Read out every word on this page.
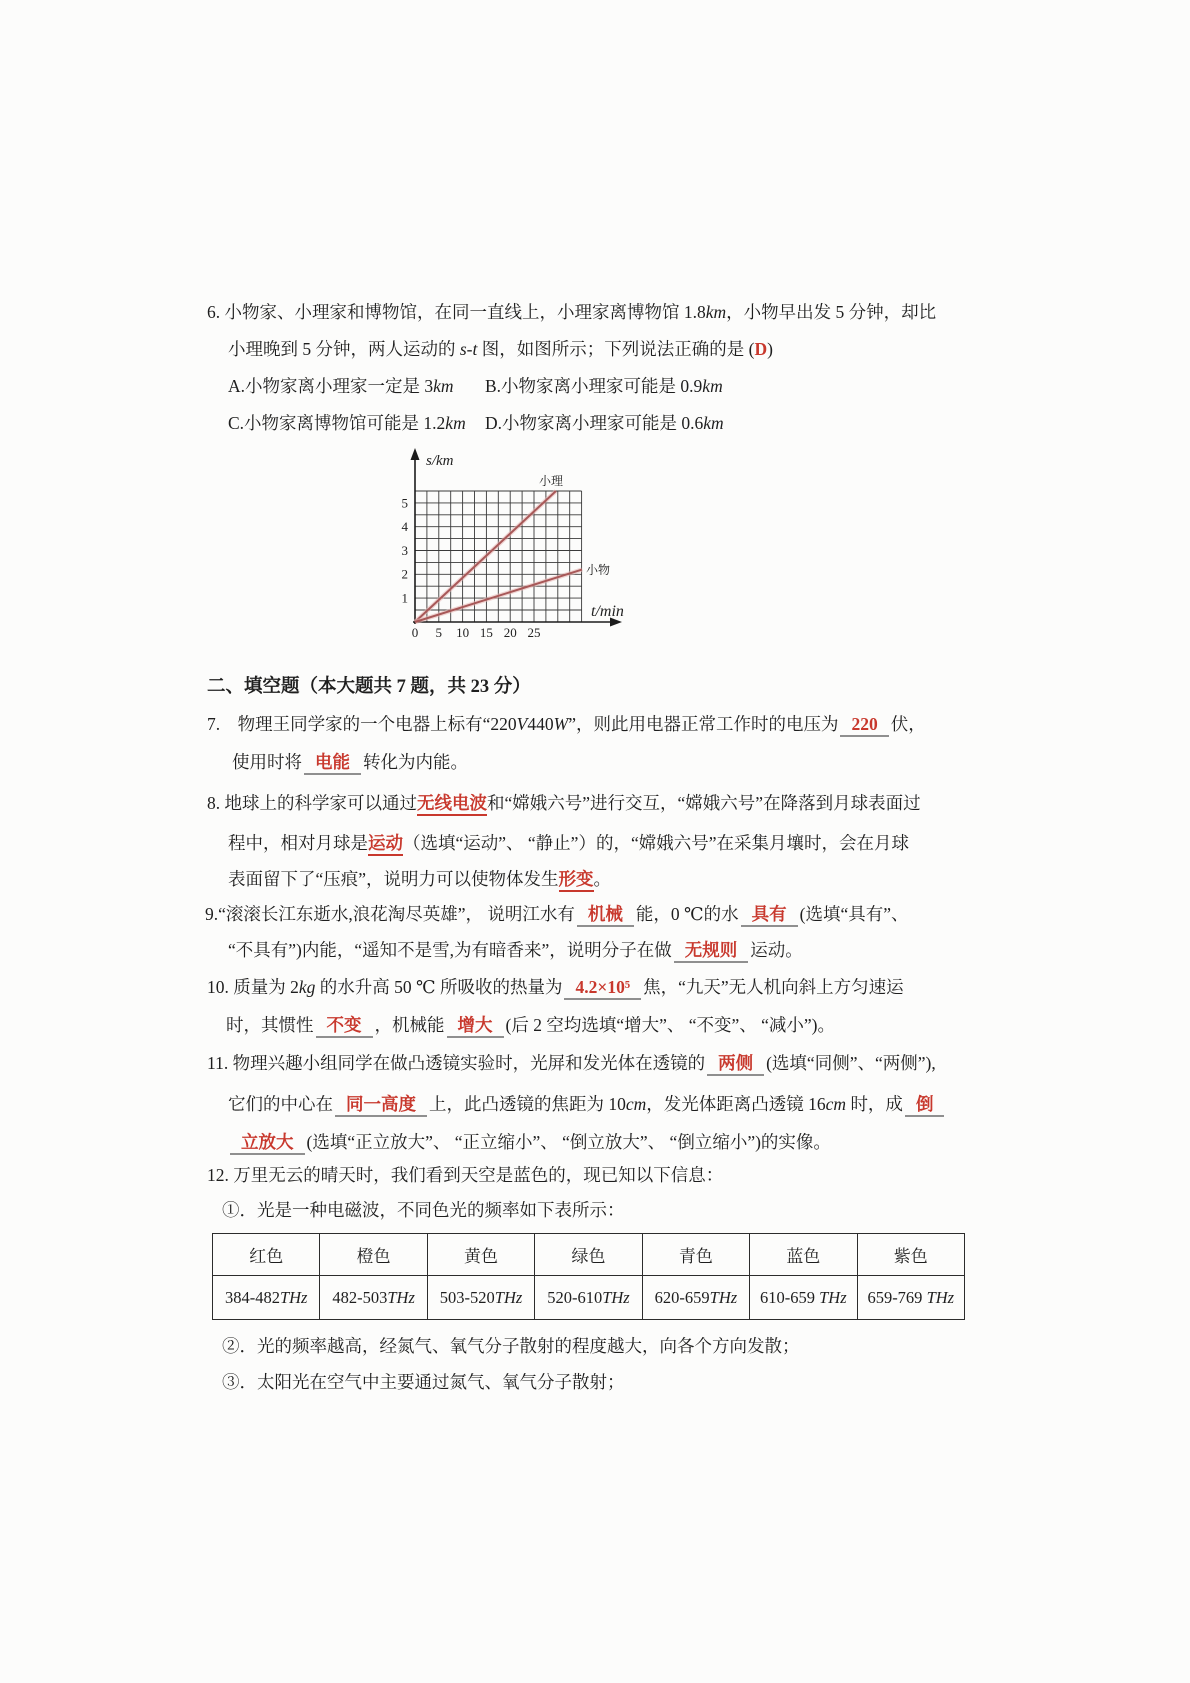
6. 小物家、小理家和博物馆，在同一直线上，小理家离博物馆 1.8km，小物早出发 5 分钟，却比
小理晚到 5 分钟，两人运动的 s-t 图，如图所示；下列说法正确的是 (D)
A.小物家离小理家一定是 3km B.小物家离小理家可能是 0.9km
C.小物家离博物馆可能是 1.2km D.小物家离小理家可能是 0.6km
s/km
t/min
小理
小物
1
2
3
4
5
0 5 10 15 20 25
二、填空题（本大题共 7 题，共 23 分）
7.　物理王同学家的一个电器上标有“220V440W”，则此用电器正常工作时的电压为 220 伏，
使用时将 电能 转化为内能。
8. 地球上的科学家可以通过无线电波和“嫦娥六号”进行交互，“嫦娥六号”在降落到月球表面过
程中，相对月球是运动（选填“运动”、 “静止”）的，“嫦娥六号”在采集月壤时，会在月球
表面留下了“压痕”，说明力可以使物体发生形变。
9.“滚滚长江东逝水,浪花淘尽英雄”， 说明江水有 机械 能，0 ℃的水 具有 (选填“具有”、
“不具有”)内能，“遥知不是雪,为有暗香来”，说明分子在做 无规则 运动。
10. 质量为 2kg 的水升高 50 ℃ 所吸收的热量为 4.2×10⁵ 焦，“九天”无人机向斜上方匀速运
时，其惯性 不变 ，机械能 增大 (后 2 空均选填“增大”、 “不变”、 “减小”)。
11. 物理兴趣小组同学在做凸透镜实验时，光屏和发光体在透镜的 两侧 (选填“同侧”、“两侧”),
它们的中心在 同一高度 上，此凸透镜的焦距为 10cm，发光体距离凸透镜 16cm 时，成 倒
立放大 (选填“正立放大”、 “正立缩小”、 “倒立放大”、 “倒立缩小”)的实像。
12. 万里无云的晴天时，我们看到天空是蓝色的，现已知以下信息：
①．光是一种电磁波，不同色光的频率如下表所示：
红色	橙色	黄色	绿色	青色	蓝色	紫色
384-482THz	482-503THz	503-520THz	520-610THz	620-659THz	610-659 THz	659-769 THz
②．光的频率越高，经氮气、氧气分子散射的程度越大，向各个方向发散；
③．太阳光在空气中主要通过氮气、氧气分子散射；
